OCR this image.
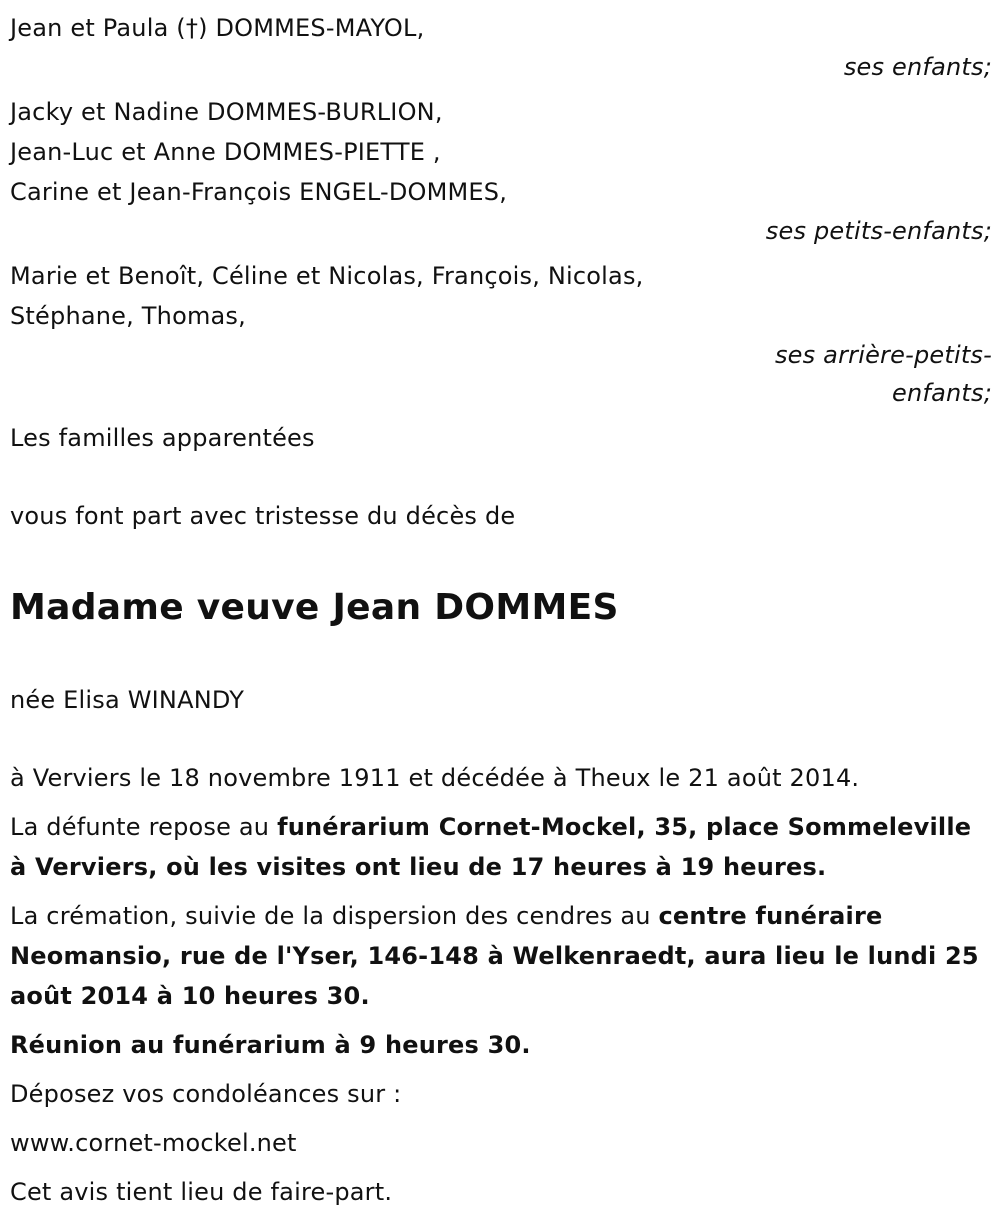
Jean et Paula (†) DOMMES-MAYOL,
ses enfants;
Jacky et Nadine DOMMES-BURLION,
Jean-Luc et Anne DOMMES-PIETTE ,
Carine et Jean-François ENGEL-DOMMES,
ses petits-enfants;
Marie et Benoît, Céline et Nicolas, François, Nicolas,
Stéphane, Thomas,
ses arrière-petits-
enfants;
Les familles apparentées
vous font part avec tristesse du décès de
Madame veuve Jean DOMMES
née Elisa WINANDY
à Verviers le 18 novembre 1911 et décédée à Theux le 21 août 2014.

La défunte repose au funérarium Cornet-Mockel, 35, place Sommeleville à Verviers, où les visites ont lieu de 17 heures à 19 heures.

La crémation, suivie de la dispersion des cendres au centre funéraire Neomansio, rue de l'Yser, 146-148 à Welkenraedt, aura lieu le lundi 25 août 2014 à 10 heures 30.

Réunion au funérarium à 9 heures 30.

Déposez vos condoléances sur :
www.cornet-mockel.net
Cet avis tient lieu de faire-part.
